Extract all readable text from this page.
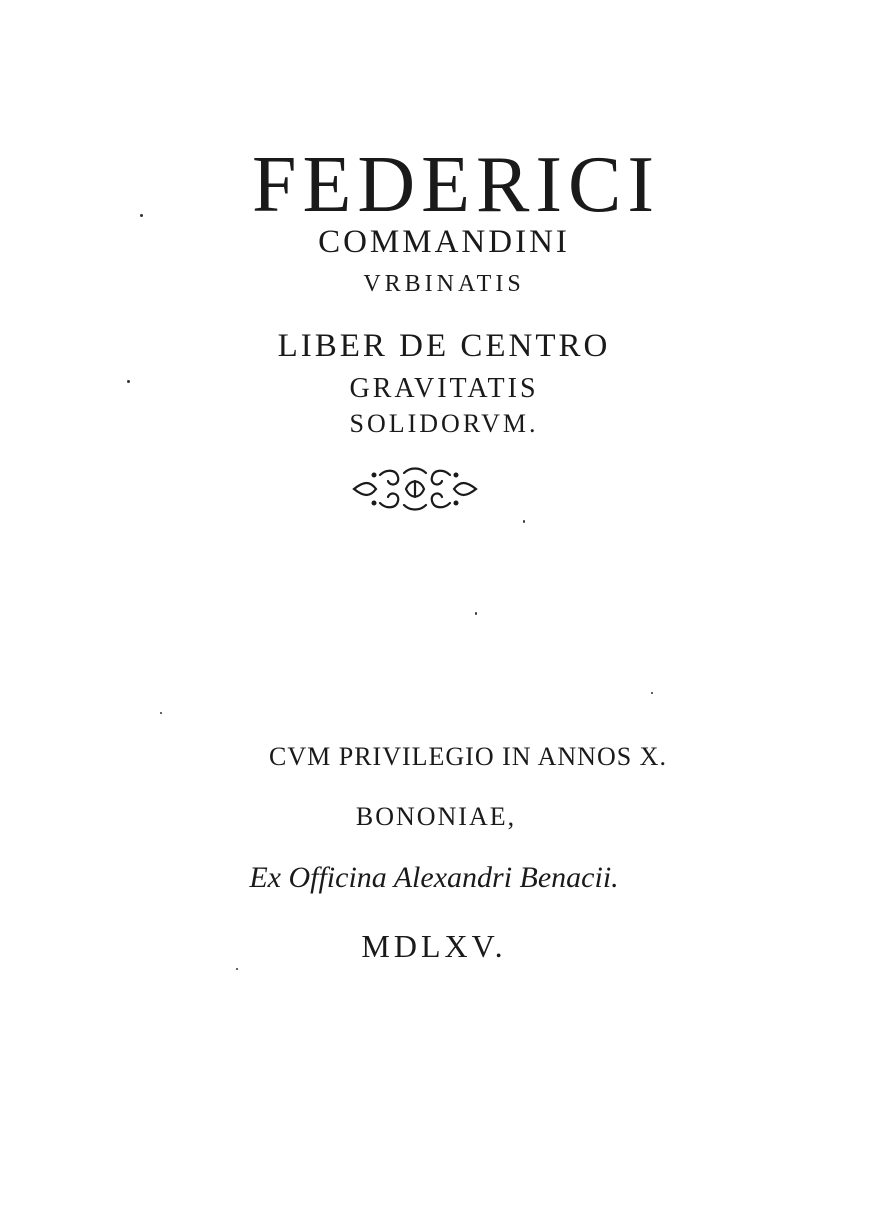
FEDERICI
COMMANDINI
VRBINATIS
LIBER DE CENTRO
GRAVITATIS
SOLIDORVM.
CVM PRIVILEGIO IN ANNOS X.
BONONIAE,
Ex Officina Alexandri Benacii.
MDLXV.
